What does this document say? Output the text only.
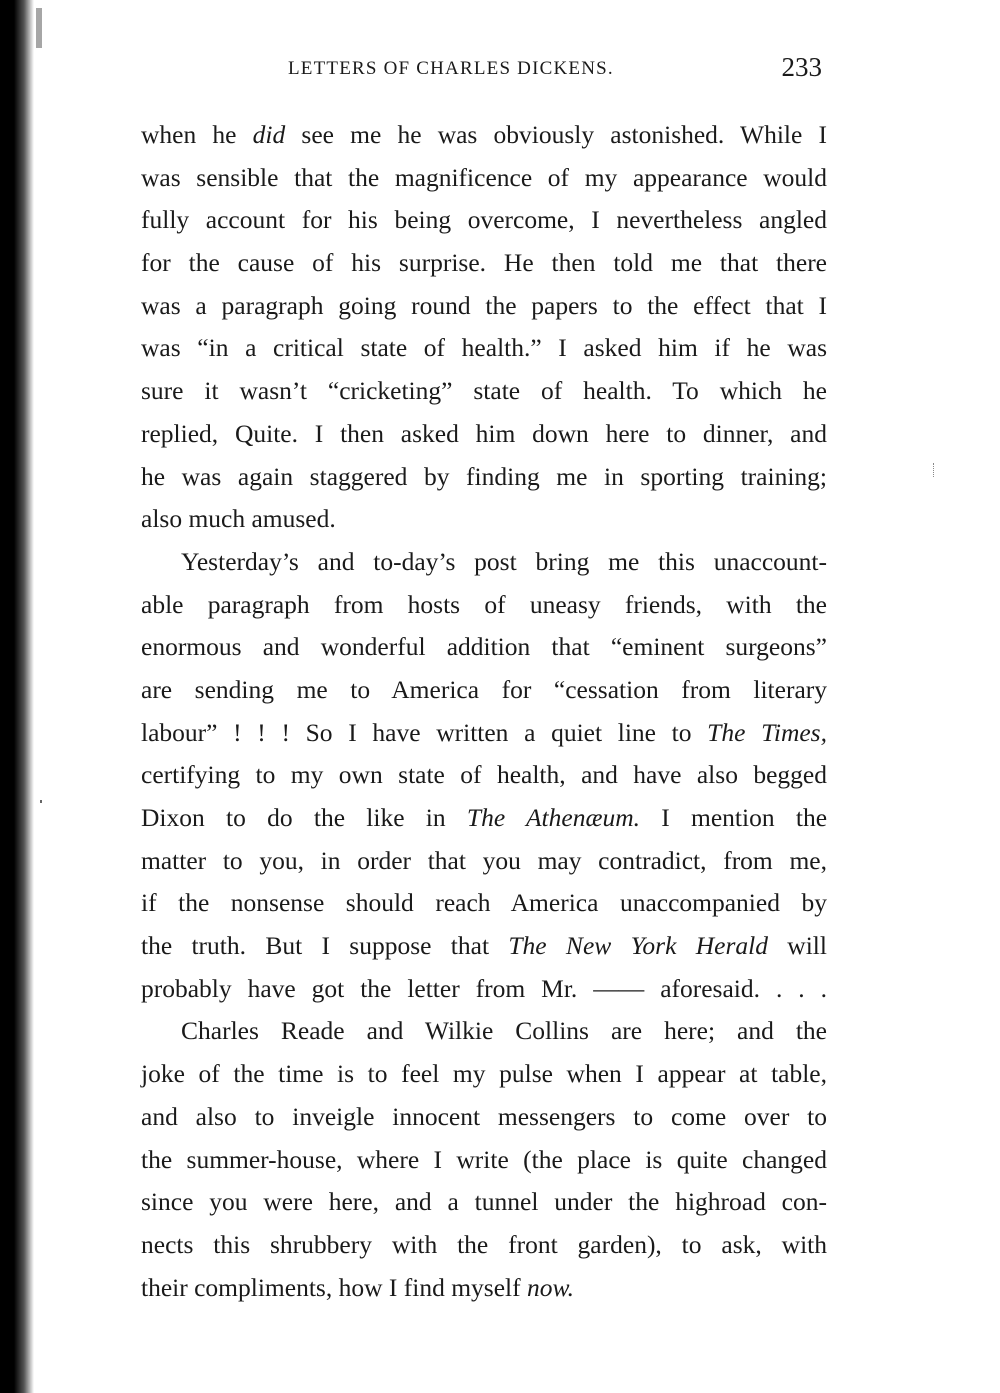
LETTERS OF CHARLES DICKENS.	233
when he did see me he was obviously astonished. While I
was sensible that the magnificence of my appearance would
fully account for his being overcome, I nevertheless angled
for the cause of his surprise. He then told me that there
was a paragraph going round the papers to the effect that I
was “in a critical state of health.” I asked him if he was
sure it wasn’t “cricketing” state of health. To which he
replied, Quite. I then asked him down here to dinner, and
he was again staggered by finding me in sporting training;
also much amused.
Yesterday’s and to-day’s post bring me this unaccount-
able paragraph from hosts of uneasy friends, with the
enormous and wonderful addition that “eminent surgeons”
are sending me to America for “cessation from literary
labour” ! ! ! So I have written a quiet line to The Times,
certifying to my own state of health, and have also begged
Dixon to do the like in The Athenæum. I mention the
matter to you, in order that you may contradict, from me,
if the nonsense should reach America unaccompanied by
the truth. But I suppose that The New York Herald will
probably have got the letter from Mr. —— aforesaid. . . .
Charles Reade and Wilkie Collins are here; and the
joke of the time is to feel my pulse when I appear at table,
and also to inveigle innocent messengers to come over to
the summer-house, where I write (the place is quite changed
since you were here, and a tunnel under the highroad con-
nects this shrubbery with the front garden), to ask, with
their compliments, how I find myself now.
